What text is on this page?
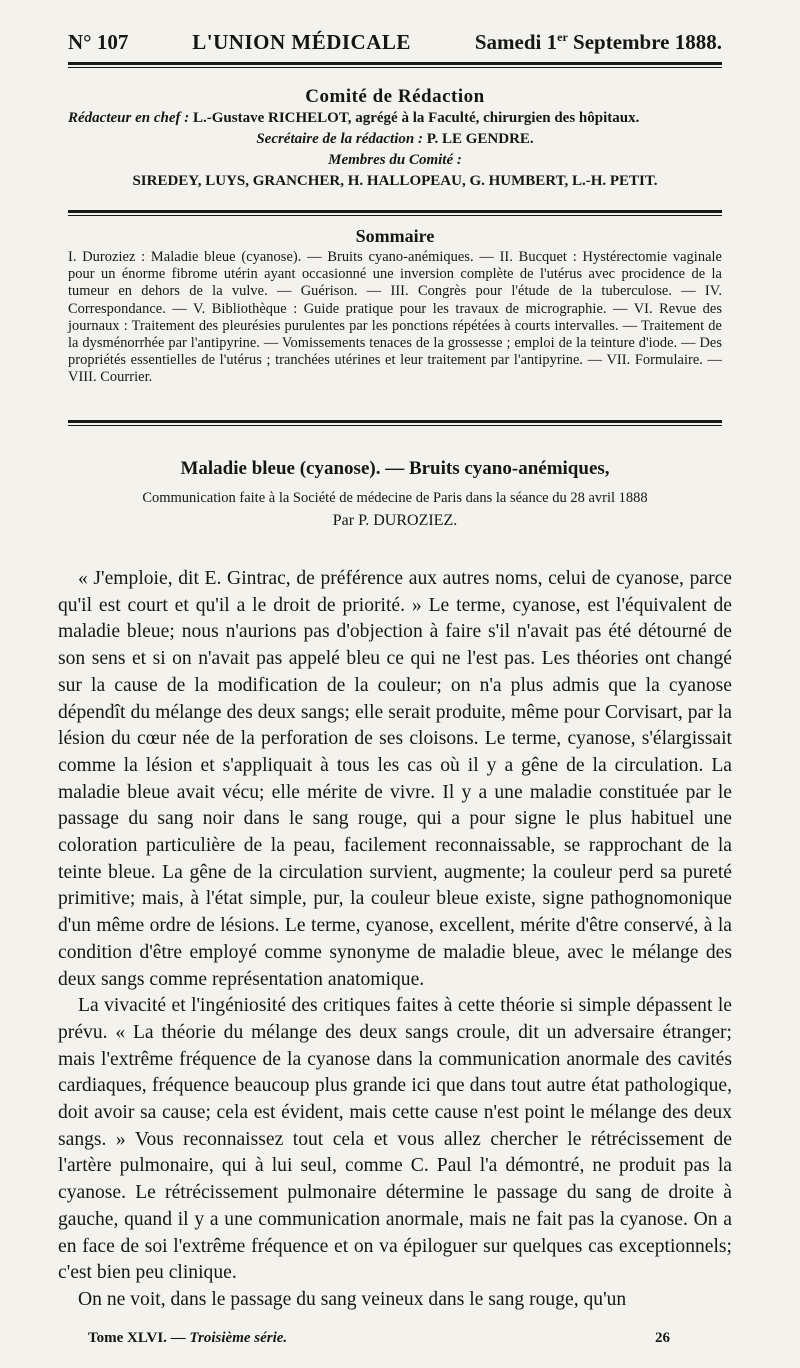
N° 107	L'UNION MÉDICALE	Samedi 1er Septembre 1888.
Comité de Rédaction
Rédacteur en chef : L.-Gustave RICHELOT, agrégé à la Faculté, chirurgien des hôpitaux.
Secrétaire de la rédaction : P. LE GENDRE.
Membres du Comité :
SIREDEY, LUYS, GRANCHER, H. HALLOPEAU, G. HUMBERT, L.-H. PETIT.
Sommaire

I. Duroziez : Maladie bleue (cyanose). — Bruits cyano-anémiques. — II. Bucquet : Hystérectomie vaginale pour un énorme fibrome utérin ayant occasionné une inversion complète de l'utérus avec procidence de la tumeur en dehors de la vulve. — Guérison. — III. Congrès pour l'étude de la tuberculose. — IV. Correspondance. — V. Bibliothèque : Guide pratique pour les travaux de micrographie. — VI. Revue des journaux : Traitement des pleurésies purulentes par les ponctions répétées à courts intervalles. — Traitement de la dysménorrhée par l'antipyrine. — Vomissements tenaces de la grossesse ; emploi de la teinture d'iode. — Des propriétés essentielles de l'utérus ; tranchées utérines et leur traitement par l'antipyrine. — VII. Formulaire. — VIII. Courrier.

Maladie bleue (cyanose). — Bruits cyano-anémiques,
Communication faite à la Société de médecine de Paris dans la séance du 28 avril 1888
Par P. DUROZIEZ.

« J'emploie, dit E. Gintrac, de préférence aux autres noms, celui de cyanose, parce qu'il est court et qu'il a le droit de priorité. » Le terme, cyanose, est l'équivalent de maladie bleue; nous n'aurions pas d'objection à faire s'il n'avait pas été détourné de son sens et si on n'avait pas appelé bleu ce qui ne l'est pas. Les théories ont changé sur la cause de la modification de la couleur; on n'a plus admis que la cyanose dépendît du mélange des deux sangs; elle serait produite, même pour Corvisart, par la lésion du cœur née de la perforation de ses cloisons. Le terme, cyanose, s'élargissait comme la lésion et s'appliquait à tous les cas où il y a gêne de la circulation. La maladie bleue avait vécu; elle mérite de vivre. Il y a une maladie constituée par le passage du sang noir dans le sang rouge, qui a pour signe le plus habituel une coloration particulière de la peau, facilement reconnaissable, se rapprochant de la teinte bleue. La gêne de la circulation survient, augmente; la couleur perd sa pureté primitive; mais, à l'état simple, pur, la couleur bleue existe, signe pathognomonique d'un même ordre de lésions. Le terme, cyanose, excellent, mérite d'être conservé, à la condition d'être employé comme synonyme de maladie bleue, avec le mélange des deux sangs comme représentation anatomique.

La vivacité et l'ingéniosité des critiques faites à cette théorie si simple dépassent le prévu. « La théorie du mélange des deux sangs croule, dit un adversaire étranger; mais l'extrême fréquence de la cyanose dans la communication anormale des cavités cardiaques, fréquence beaucoup plus grande ici que dans tout autre état pathologique, doit avoir sa cause; cela est évident, mais cette cause n'est point le mélange des deux sangs. » Vous reconnaissez tout cela et vous allez chercher le rétrécissement de l'artère pulmonaire, qui à lui seul, comme C. Paul l'a démontré, ne produit pas la cyanose. Le rétrécissement pulmonaire détermine le passage du sang de droite à gauche, quand il y a une communication anormale, mais ne fait pas la cyanose. On a en face de soi l'extrême fréquence et on va épiloguer sur quelques cas exceptionnels; c'est bien peu clinique.

On ne voit, dans le passage du sang veineux dans le sang rouge, qu'un

Tome XLVI. — Troisième série.	26
